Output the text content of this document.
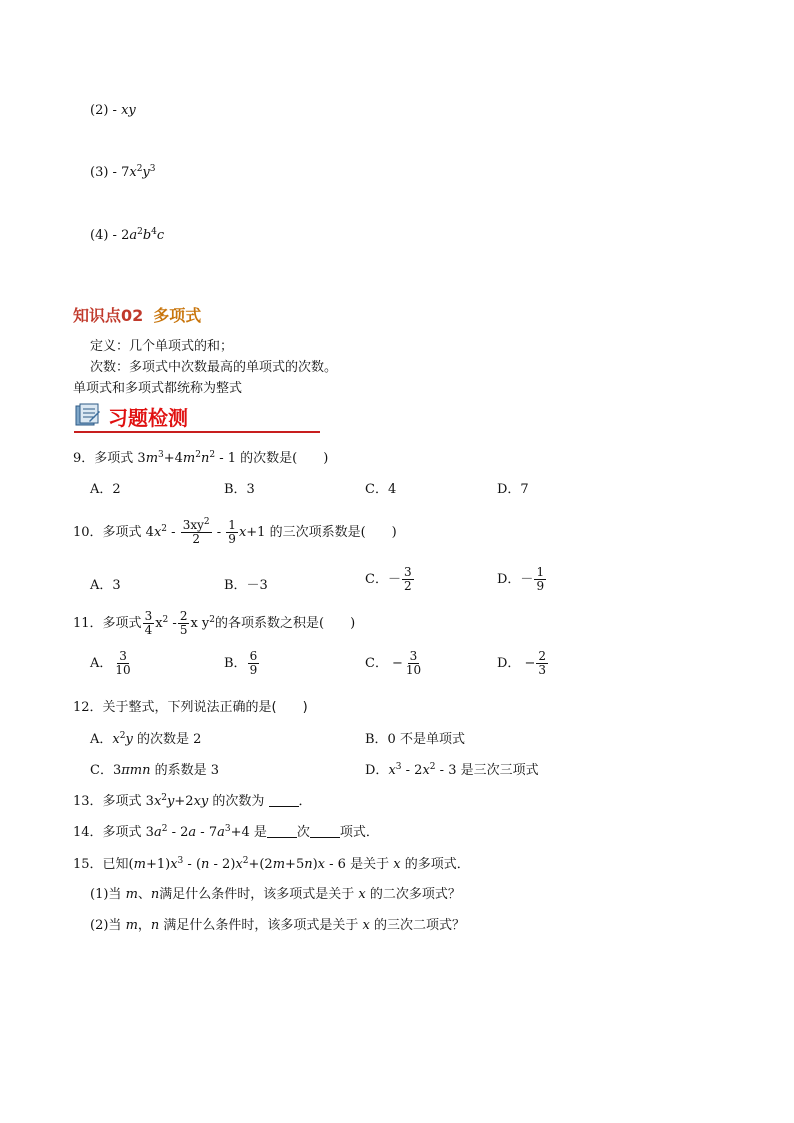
(2) - xy
$(3) - 7x^2y^3$
$(4) - 2a^2b^4c$
知识点02 多项式
定义：几个单项式的和；
次数：多项式中次数最高的单项式的次数。
单项式和多项式都统称为整式
习题检测
9．多项式 $3m^3+4m^2n^2 - 1$ 的次数是(　　)
A．2	B．3	C．4	D．7
10．多项式 $4x^2 - \frac{3xy^2}{2} - \frac{1}{9} x+1$ 的三次项系数是(　　)
A．3	B．－3	C．－ $\frac{3}{2}$	D．－ $\frac{1}{9}$
11．多项式 $\frac{3}{4} x^2 - \frac{2}{5}$ x $y^2$的各项系数之积是(　　)
A． $\frac{3}{10}$	B． $\frac{6}{9}$	C． − $\frac{3}{10}$	D． − $\frac{2}{3}$
12．关于整式，下列说法正确的是(　　)
A．$x^2y$ 的次数是 2	B．0 不是单项式
C．3πmn 的系数是 3	D．$x^3 - 2x^2 - 3$ 是三次三项式
13．多项式 $3x^2y+2xy$ 的次数为 ．
14．多项式 $3a^2 - 2a - 7a^3+4$ 是 次 项式．
15．已知$(m+1)x^3 - (n - 2)x^2+(2m+5n)x - 6$ 是关于 x 的多项式．
(1)当 m、n满足什么条件时，该多项式是关于 x 的二次多项式？
(2)当 m，n 满足什么条件时，该多项式是关于 x 的三次二项式？
